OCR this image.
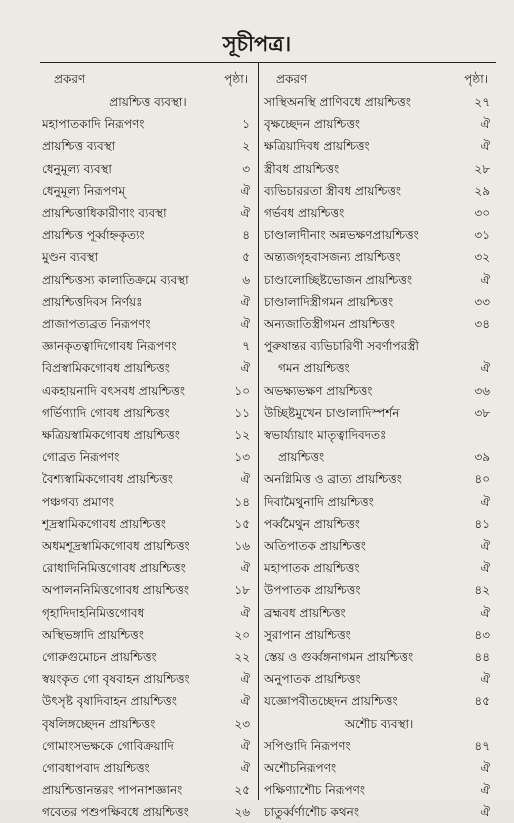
সূচীপত্র।
প্রকরণ	পৃষ্ঠা।
প্রায়শ্চিত্ত ব্যবস্থা।
মহাপাতকাদি নিরূপণং	১
প্রায়শ্চিত্ত ব্যবস্থা	২
ধেনুমূল্য ব্যবস্থা	৩
ধেনুমূল্য নিরূপণম্	ঐ
প্রায়শ্চিত্তাধিকারীণাং ব্যবস্থা	ঐ
প্রায়শ্চিত্ত পূর্ব্বাহ্নকৃত্যং	৪
মুণ্ডন ব্যবস্থা	৫
প্রায়শ্চিত্তস্য কালাতিক্রমে ব্যবস্থা	৬
প্রায়শ্চিত্তদিবস নির্ণয়ঃ	ঐ
প্রাজাপত্যব্রত নিরূপণং	ঐ
জ্ঞানকৃতত্বাদিগোবধ নিরূপণং	৭
বিপ্রস্বামিকগোবধ প্রায়শ্চিত্তং	ঐ
একহায়নাদি বৎসবধ প্রায়শ্চিত্তং	১০
গর্ভিণ্যাদি গোবধ প্রায়শ্চিত্তং	১১
ক্ষত্রিয়স্বামিকগোবধ প্রায়শ্চিত্তং	১২
গোব্রত নিরূপণং	১৩
বৈশ্যস্বামিকগোবধ প্রায়শ্চিত্তং	ঐ
পঞ্চগব্য প্রমাণং	১৪
শূদ্রস্বামিকগোবধ প্রায়শ্চিত্তং	১৫
অধমশূদ্রস্বামিকগোবধ প্রায়শ্চিত্তং	১৬
রোধাদিনিমিত্তগোবধ প্রায়শ্চিত্তং	ঐ
অপালননিমিত্তগোবধ প্রায়শ্চিত্তং	১৮
গৃহাদিদাহনিমিত্তগোবধ	ঐ
অস্থিভঙ্গাদি প্রায়শ্চিত্তং	২০
গোরুগুমোচন প্রায়শ্চিত্তং	২২
স্বয়ংকৃত গো বৃষবাহন প্রায়শ্চিত্তং	ঐ
উৎসৃষ্ট বৃষাদিবাহন প্রায়শ্চিত্তং	ঐ
বৃষলিঙ্গচ্ছেদন প্রায়শ্চিত্তং	২৩
গোমাংসভক্ষকে গোবিক্রয়াদি	ঐ
গোবধাপবাদ প্রায়শ্চিত্তং	ঐ
প্রায়শ্চিত্তানন্তরং পাপনাশজ্ঞানং	২৫
গবেতর পশুপক্ষিবধে প্রায়শ্চিত্তং	২৬
প্রকরণ	পৃষ্ঠা।
সাস্থিঅনস্থি প্রাণিবধে প্রায়শ্চিত্তং	২৭
বৃক্ষচ্ছেদন প্রায়শ্চিত্তং	ঐ
ক্ষত্রিয়াদিবধ প্রায়শ্চিত্তং	ঐ
স্ত্রীবধ প্রায়শ্চিত্তং	২৮
ব্যভিচাররতা স্ত্রীবধ প্রায়শ্চিত্তং	২৯
গর্ভবধ প্রায়শ্চিত্তং	৩০
চাণ্ডালাদীনাং অন্নভক্ষণপ্রায়শ্চিত্তং	৩১
অন্ত্যজগৃহবাসজন্য প্রায়শ্চিত্তং	৩২
চাণ্ডালোচ্ছিষ্টভোজন প্রায়শ্চিত্তং	ঐ
চাণ্ডালাদিস্ত্রীগমন প্রায়শ্চিত্তং	৩৩
অন্যজাতিস্ত্রীগমন প্রায়শ্চিত্তং	৩৪
পুরুষান্তর ব্যভিচারিণী সবর্ণাপরস্ত্রী
গমন প্রায়শ্চিত্তং	ঐ
অভক্ষ্যভক্ষণ প্রায়শ্চিত্তং	৩৬
উচ্ছিষ্টমুখেন চাণ্ডালাদিস্পর্শন	৩৮
স্বভার্য্যায়াং মাতৃত্বাদিবদতঃ
প্রায়শ্চিত্তং	৩৯
অনগ্নিমিত্ত ও ব্রাত্য প্রায়শ্চিত্তং	৪০
দিবামৈথুনাদি প্রায়শ্চিত্তং	ঐ
পর্ব্বমৈথুন প্রায়শ্চিত্তং	৪১
অতিপাতক প্রায়শ্চিত্তং	ঐ
মহাপাতক প্রায়শ্চিত্তং	ঐ
উপপাতক প্রায়শ্চিত্তং	৪২
ব্রহ্মবধ প্রায়শ্চিত্তং	ঐ
সুরাপান প্রায়শ্চিত্তং	৪৩
স্তেয় ও গুর্ব্বঙ্গনাগমন প্রায়শ্চিত্তং	৪৪
অনুপাতক প্রায়শ্চিত্তং	ঐ
যজ্ঞোপবীতচ্ছেদন প্রায়শ্চিত্তং	৪৫
অশৌচ ব্যবস্থা।
সপিণ্ডাদি নিরূপণং	৪৭
অশৌচনিরূপণং	ঐ
পক্ষিণ্যাশৌচ নিরূপণং	ঐ
চাতুর্ব্বর্ণাশৌচ কথনং	ঐ
